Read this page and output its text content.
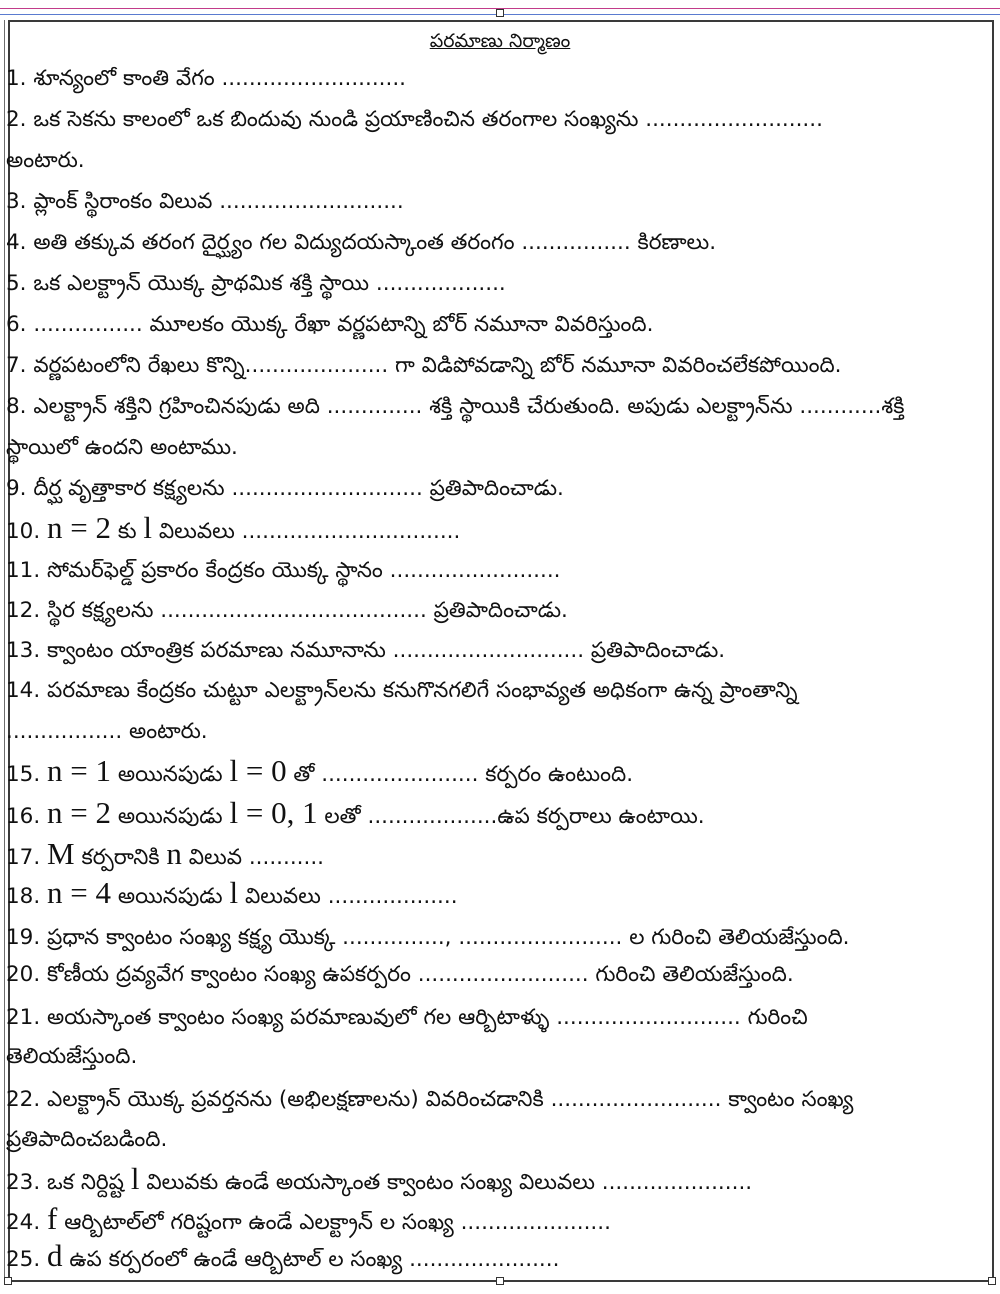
పరమాణు నిర్మాణం
1. శూన్యంలో కాంతి వేగం ...........................
2. ఒక సెకను కాలంలో ఒక బిందువు నుండి ప్రయాణించిన తరంగాల సంఖ్యను ..........................
అంటారు.
3. ప్లాంక్ స్థిరాంకం విలువ ...........................
4. అతి తక్కువ తరంగ దైర్ఘ్యం గల విద్యుదయస్కాంత తరంగం ................ కిరణాలు.
5. ఒక ఎలక్ట్రాన్ యొక్క ప్రాథమిక శక్తి స్థాయి ...................
6. ................ మూలకం యొక్క రేఖా వర్ణపటాన్ని బోర్ నమూనా వివరిస్తుంది.
7. వర్ణపటంలోని రేఖలు కొన్ని..................... గా విడిపోవడాన్ని బోర్ నమూనా వివరించలేకపోయింది.
8. ఎలక్ట్రాన్ శక్తిని గ్రహించినపుడు అది .............. శక్తి స్థాయికి చేరుతుంది. అపుడు ఎలక్ట్రాన్‌ను ............శక్తి
స్థాయిలో ఉందని అంటాము.
9. దీర్ఘ వృత్తాకార కక్ష్యలను ............................ ప్రతిపాదించాడు.
10. n = 2 కు l విలువలు ................................
11. సోమర్‌ఫెల్డ్ ప్రకారం కేంద్రకం యొక్క స్థానం .........................
12. స్థిర కక్ష్యలను ....................................... ప్రతిపాదించాడు.
13. క్వాంటం యాంత్రిక పరమాణు నమూనాను ............................ ప్రతిపాదించాడు.
14. పరమాణు కేంద్రకం చుట్టూ ఎలక్ట్రాన్‌లను కనుగొనగలిగే సంభావ్యత అధికంగా ఉన్న ప్రాంతాన్ని
................. అంటారు.
15. n = 1 అయినపుడు l = 0 తో ....................... కర్పరం ఉంటుంది.
16. n = 2 అయినపుడు l = 0, 1 లతో ...................ఉప కర్పరాలు ఉంటాయి.
17. M కర్పరానికి n విలువ ...........
18. n = 4 అయినపుడు l విలువలు ...................
19. ప్రధాన క్వాంటం సంఖ్య కక్ష్య యొక్క ..............., ........................ ల గురించి తెలియజేస్తుంది.
20. కోణీయ ద్రవ్యవేగ క్వాంటం సంఖ్య ఉపకర్పరం ......................... గురించి తెలియజేస్తుంది.
21. అయస్కాంత క్వాంటం సంఖ్య పరమాణువులో గల ఆర్బిటాళ్ళు ........................... గురించి
తెలియజేస్తుంది.
22. ఎలక్ట్రాన్ యొక్క ప్రవర్తనను (అభిలక్షణాలను) వివరించడానికి ......................... క్వాంటం సంఖ్య
ప్రతిపాదించబడింది.
23. ఒక నిర్దిష్ట l విలువకు ఉండే అయస్కాంత క్వాంటం సంఖ్య విలువలు ......................
24. f ఆర్బిటాల్‌లో గరిష్టంగా ఉండే ఎలక్ట్రాన్ ల సంఖ్య ......................
25. d ఉప కర్పరంలో ఉండే ఆర్బిటాల్ ల సంఖ్య ......................
